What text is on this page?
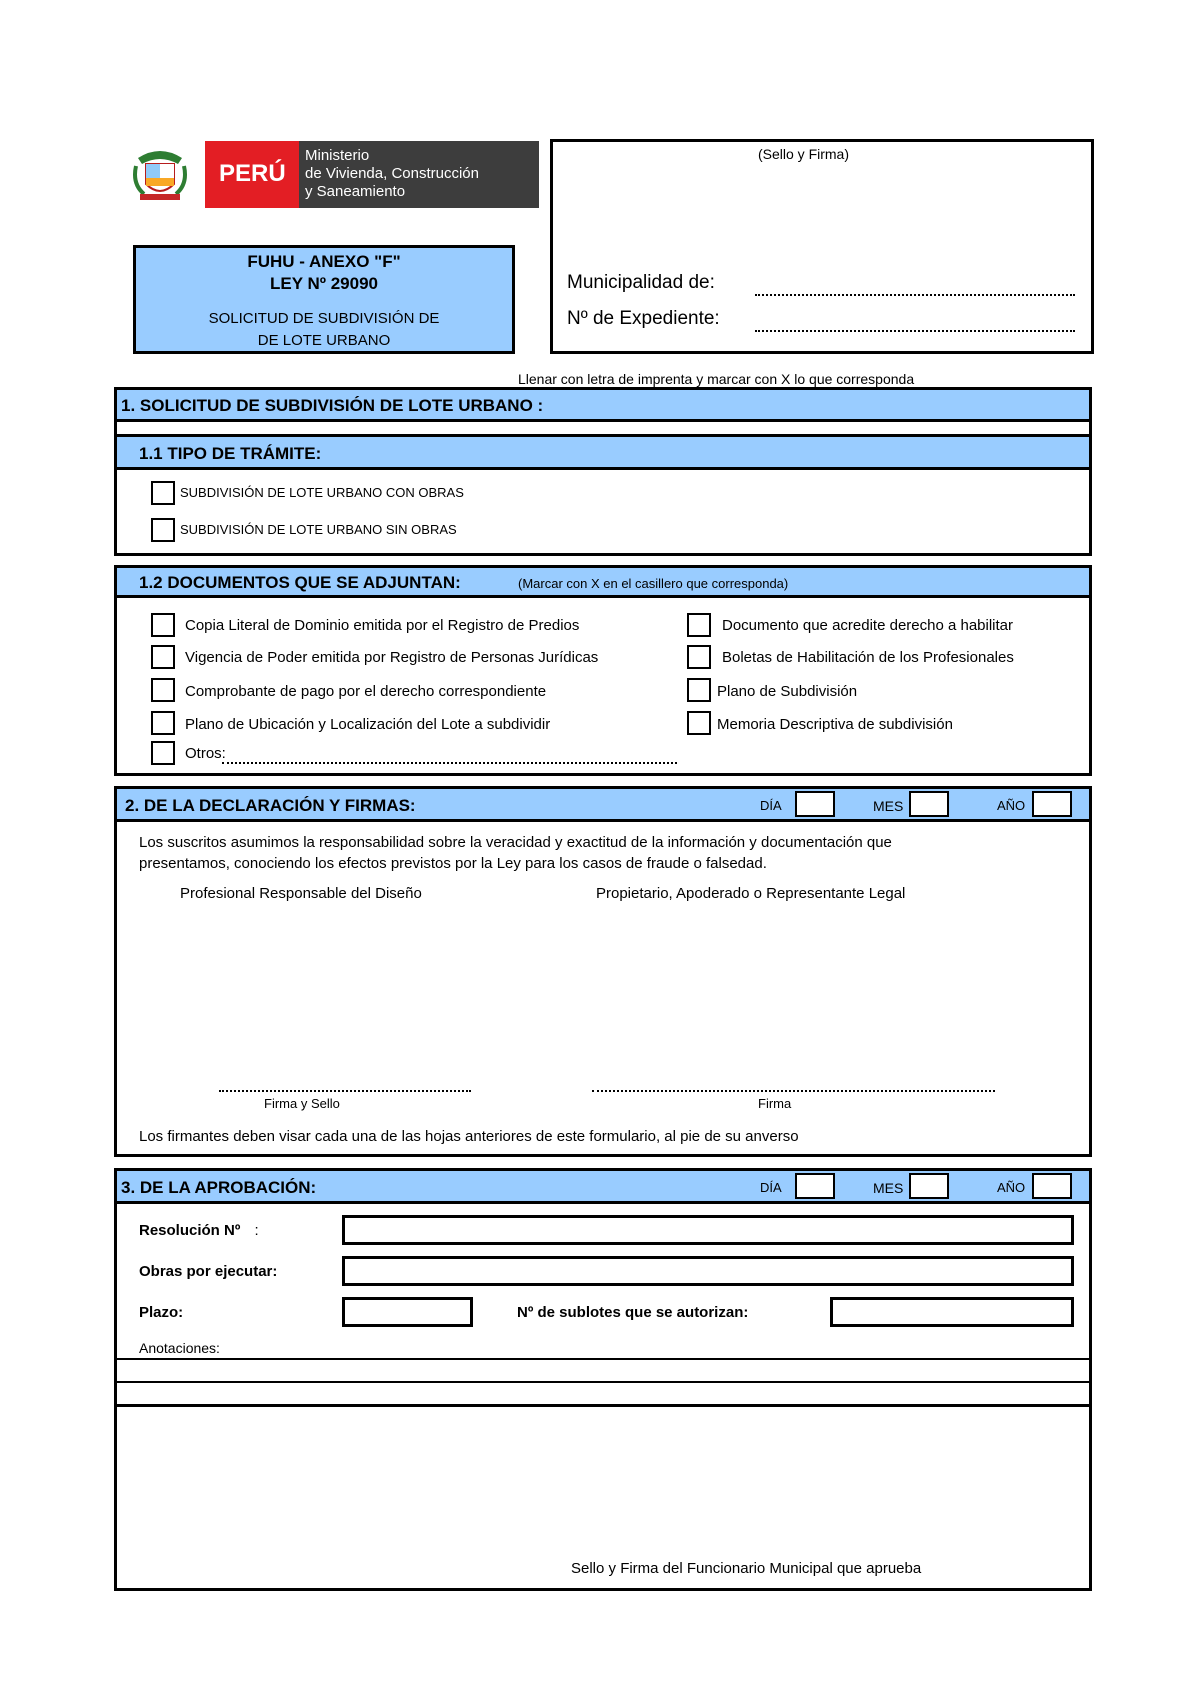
PERÚ
Ministerio
de Vivienda, Construcción
y Saneamiento
FUHU - ANEXO "F"
LEY Nº 29090
SOLICITUD DE SUBDIVISIÓN DE
DE LOTE URBANO
(Sello y Firma)
Municipalidad de:
Nº de Expediente:
Llenar con letra de imprenta y marcar con X lo que corresponda
1. SOLICITUD DE SUBDIVISIÓN DE LOTE URBANO :
1.1 TIPO DE TRÁMITE:
SUBDIVISIÓN DE LOTE URBANO CON OBRAS
SUBDIVISIÓN DE LOTE URBANO SIN OBRAS
1.2 DOCUMENTOS QUE SE ADJUNTAN:	(Marcar con X en el casillero que corresponda)
Copia Literal de Dominio emitida por el Registro de Predios
Vigencia de Poder emitida por Registro de Personas Jurídicas
Comprobante de pago por el derecho correspondiente
Plano de Ubicación y Localización del Lote a subdividir
Otros:
Documento que acredite derecho a habilitar
Boletas de Habilitación de los Profesionales
Plano de Subdivisión
Memoria Descriptiva de subdivisión
2. DE LA DECLARACIÓN Y FIRMAS:	DÍA	MES	AÑO
Los suscritos asumimos la responsabilidad sobre la veracidad y exactitud de la información y documentación que
presentamos, conociendo los efectos previstos por la Ley para los casos de fraude o falsedad.
Profesional Responsable del Diseño	Propietario, Apoderado o Representante Legal
Firma y Sello	Firma
Los firmantes deben visar cada una de las hojas anteriores de este formulario, al pie de su anverso
3. DE LA APROBACIÓN:	DÍA	MES	AÑO
Resolución Nº :
Obras por ejecutar:
Plazo:	Nº de sublotes que se autorizan:
Anotaciones:
Sello y Firma del Funcionario Municipal que aprueba
